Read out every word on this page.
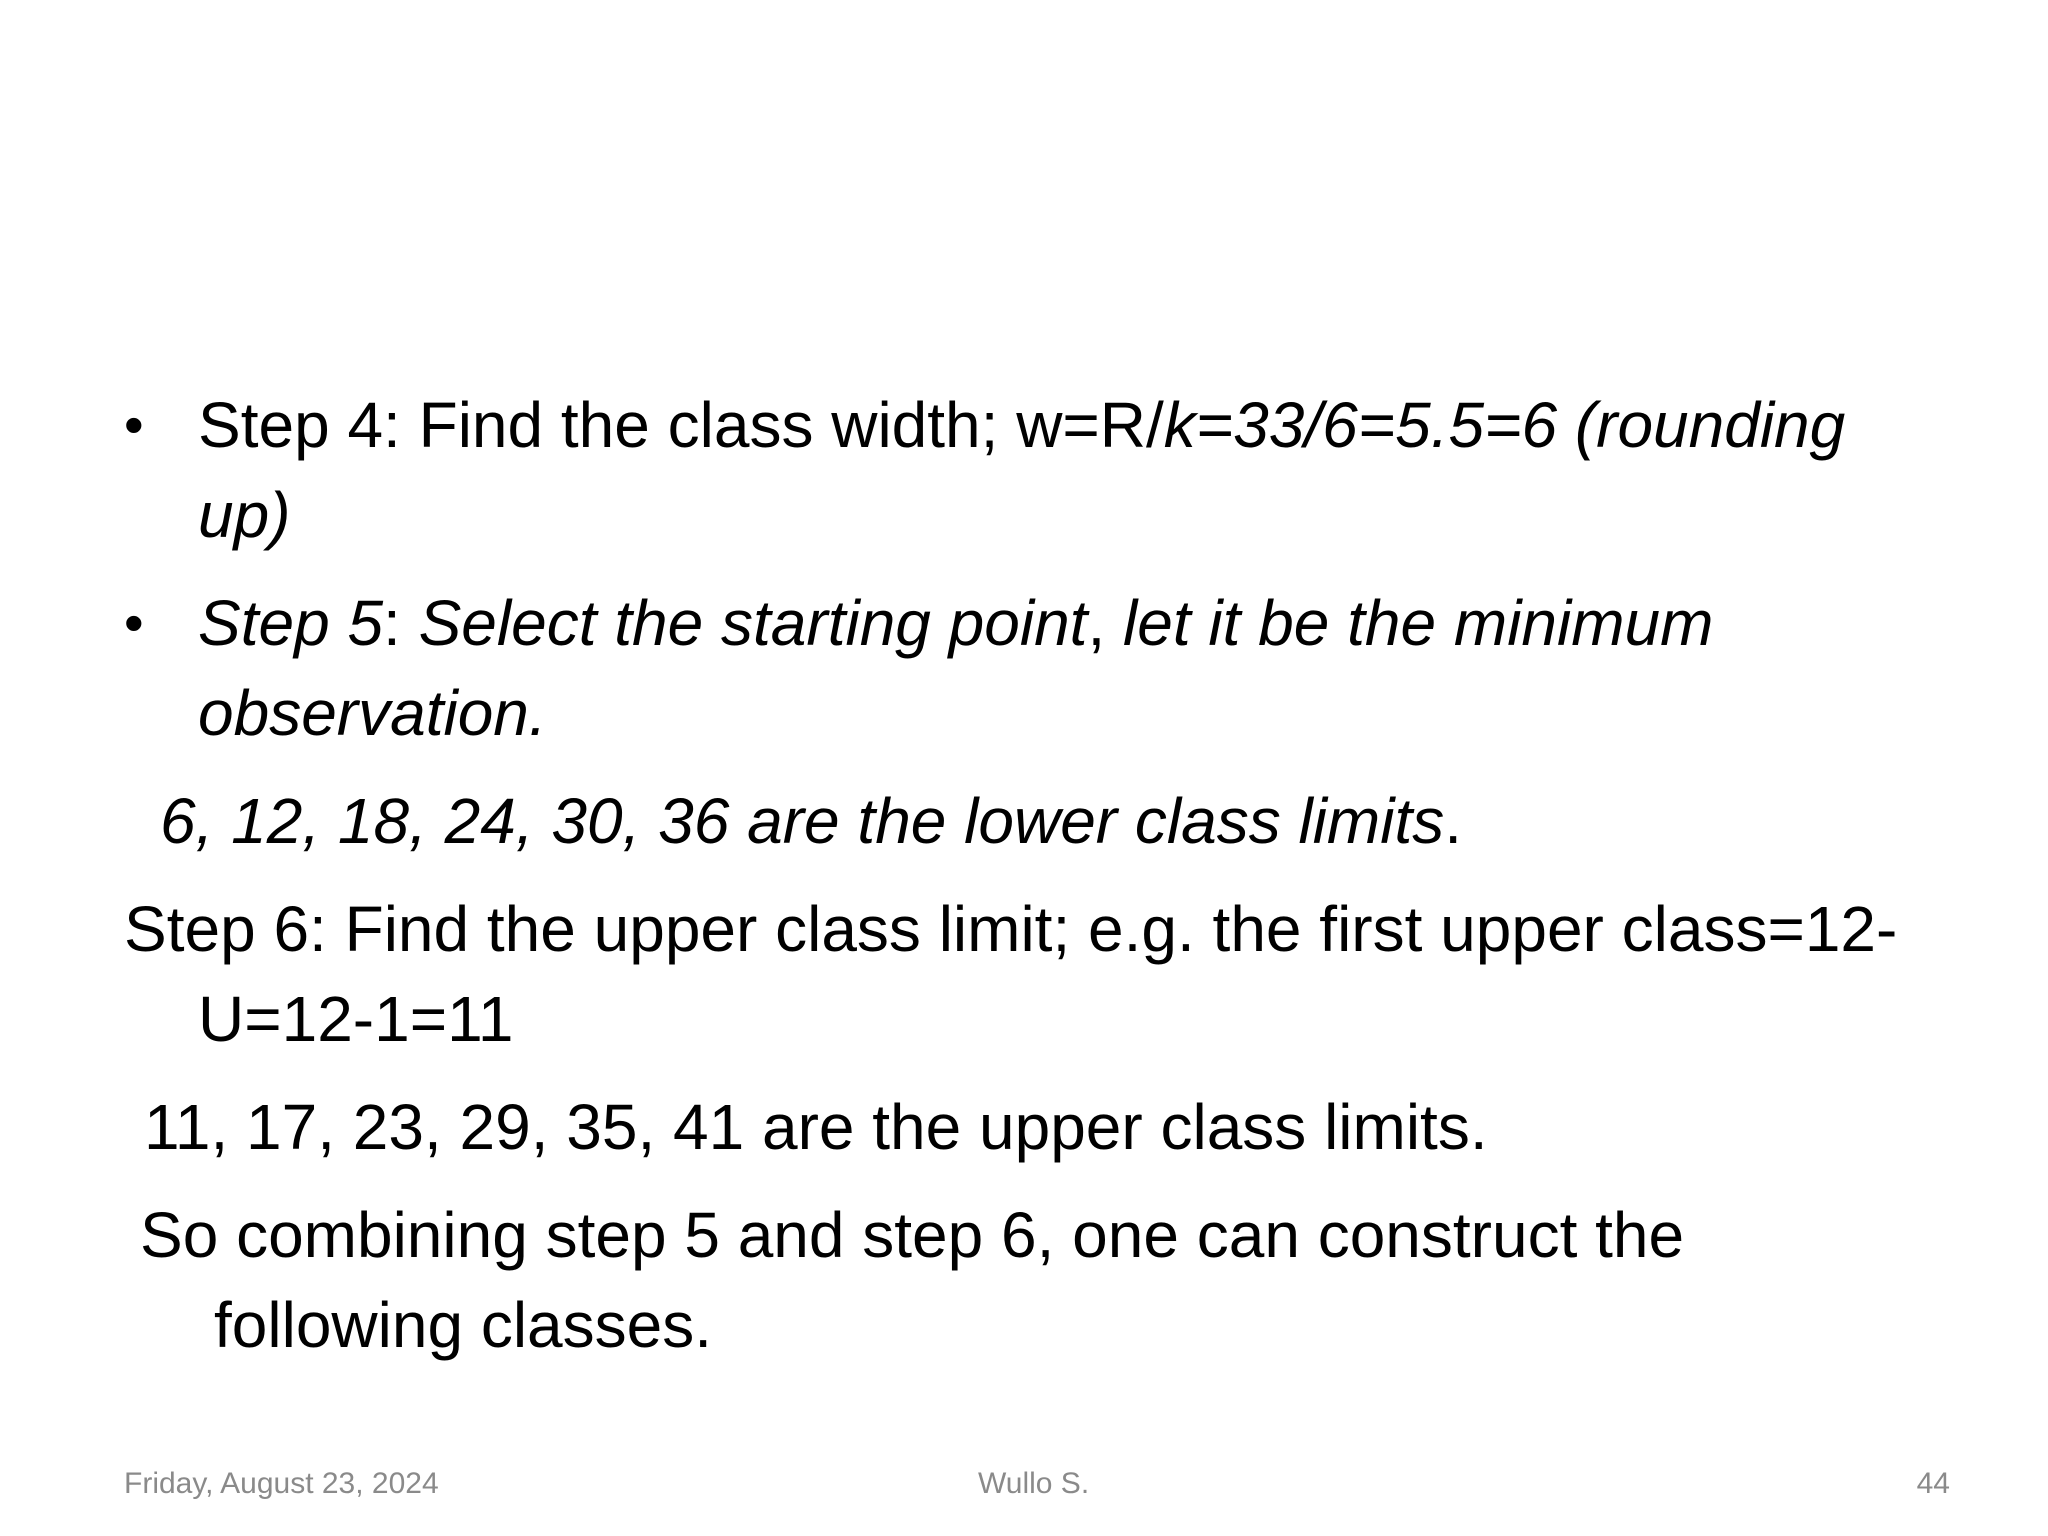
• Step 4: Find the class width; w=R/k=33/6=5.5=6 (rounding up)

• Step 5: Select the starting point, let it be the minimum observation.

6, 12, 18, 24, 30, 36 are the lower class limits.

Step 6: Find the upper class limit; e.g. the first upper class=12-U=12-1=11

11, 17, 23, 29, 35, 41 are the upper class limits.

So combining step 5 and step 6, one can construct the following classes.

Friday, August 23, 2024	Wullo S.	44
